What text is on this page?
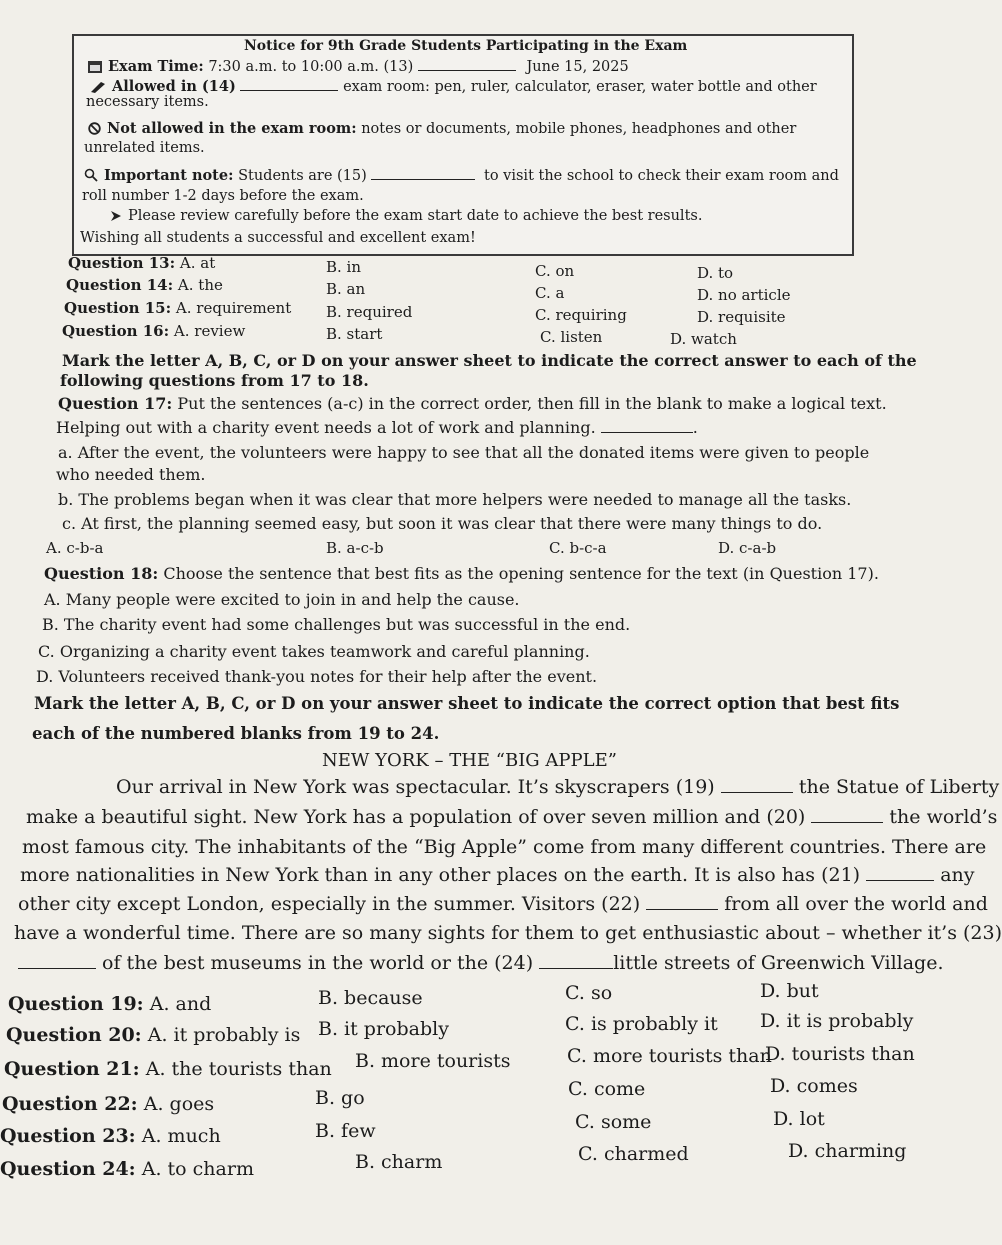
Notice for 9th Grade Students Participating in the Exam
Exam Time: 7:30 a.m. to 10:00 a.m. (13)	June 15, 2025
Allowed in (14)	exam room: pen, ruler, calculator, eraser, water bottle and other
necessary items.
Not allowed in the exam room: notes or documents, mobile phones, headphones and other
unrelated items.
Important note: Students are (15)	to visit the school to check their exam room and
roll number 1-2 days before the exam.
Please review carefully before the exam start date to achieve the best results.
Wishing all students a successful and excellent exam!
Question 13: A. at	B. in	C. on	D. to
Question 14: A. the	B. an	C. a	D. no article
Question 15: A. requirement B. required	C. requiring	D. requisite
Question 16: A. review	B. start	C. listen	D. watch
Mark the letter A, B, C, or D on your answer sheet to indicate the correct answer to each of the
following questions from 17 to 18.
Question 17: Put the sentences (a-c) in the correct order, then fill in the blank to make a logical text.
Helping out with a charity event needs a lot of work and planning.	.
a. After the event, the volunteers were happy to see that all the donated items were given to people
who needed them.
b. The problems began when it was clear that more helpers were needed to manage all the tasks.
c. At first, the planning seemed easy, but soon it was clear that there were many things to do.
A. c-b-a	B. a-c-b	C. b-c-a	D. c-a-b
Question 18: Choose the sentence that best fits as the opening sentence for the text (in Question 17).
A. Many people were excited to join in and help the cause.
B. The charity event had some challenges but was successful in the end.
C. Organizing a charity event takes teamwork and careful planning.
D. Volunteers received thank-you notes for their help after the event.
Mark the letter A, B, C, or D on your answer sheet to indicate the correct option that best fits
each of the numbered blanks from 19 to 24.
NEW YORK – THE “BIG APPLE”
Our arrival in New York was spectacular. It’s skyscrapers (19)	the Statue of Liberty
make a beautiful sight. New York has a population of over seven million and (20)	the world’s
most famous city. The inhabitants of the “Big Apple” come from many different countries. There are
more nationalities in New York than in any other places on the earth. It is also has (21)	any
other city except London, especially in the summer. Visitors (22)	from all over the world and
have a wonderful time. There are so many sights for them to get enthusiastic about – whether it’s (23)
of the best museums in the world or the (24)	little streets of Greenwich Village.
Question 19: A. and	B. because	C. so	D. but
Question 20: A. it probably is B. it probably	C. is probably it D. it is probably
Question 21: A. the tourists than B. more tourists	C. more tourists than
D. tourists than
Question 22: A. goes	B. go	C. come	D. comes
Question 23: A. much	B. few	C. some	D. lot
Question 24: A. to charm	B. charm	C. charmed	D. charming
